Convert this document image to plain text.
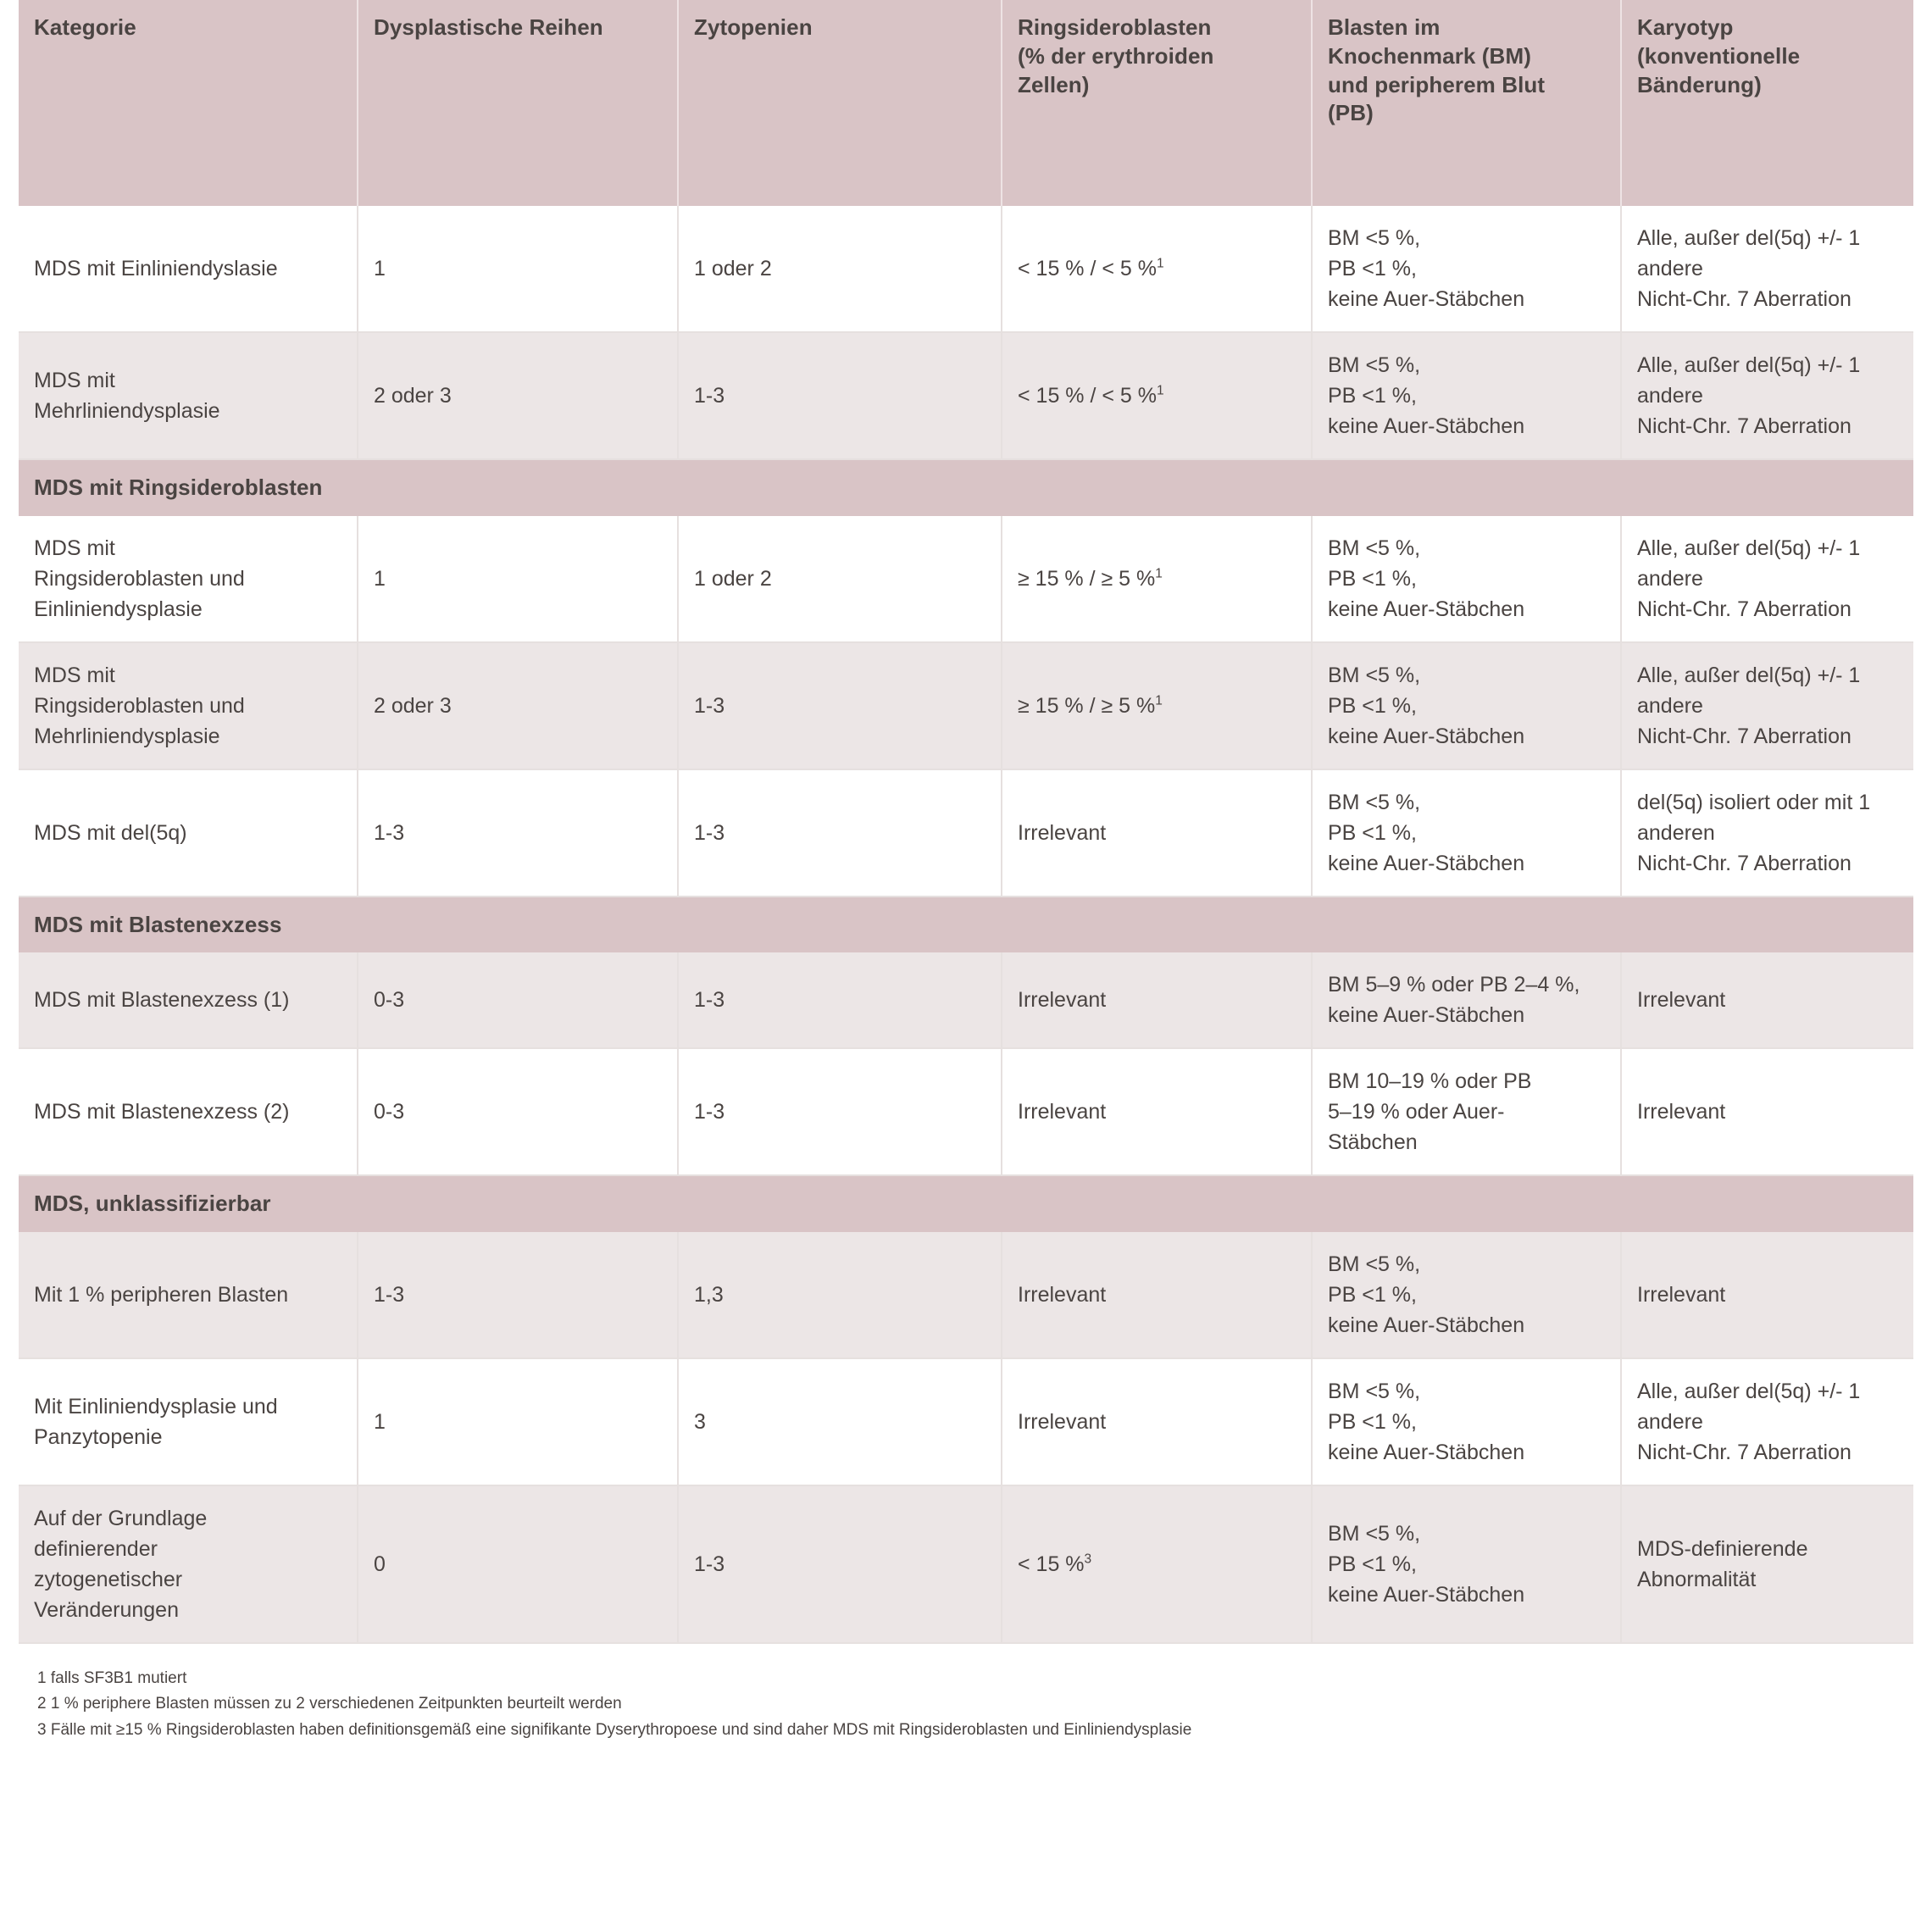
Kategorie	Dysplastische Reihen	Zytopenien	Ringsideroblasten
(% der erythroiden
Zellen)	Blasten im
Knochenmark (BM)
und peripherem Blut
(PB)	Karyotyp
(konventionelle
Bänderung)

MDS mit Einliniendyslasie	1	1 oder 2	< 15 % / < 5 %$^1$	BM <5 %,
PB <1 %,
keine Auer-Stäbchen	Alle, außer del(5q) +/- 1
andere
Nicht-Chr. 7 Aberration

MDS mit
Mehrliniendysplasie	2 oder 3	1-3	< 15 % / < 5 %$^1$	BM <5 %,
PB <1 %,
keine Auer-Stäbchen	Alle, außer del(5q) +/- 1
andere
Nicht-Chr. 7 Aberration

MDS mit Ringsideroblasten					

MDS mit
Ringsideroblasten und
Einliniendysplasie	1	1 oder 2	≥ 15 % / ≥ 5 %$^1$	BM <5 %,
PB <1 %,
keine Auer-Stäbchen	Alle, außer del(5q) +/- 1
andere
Nicht-Chr. 7 Aberration

MDS mit
Ringsideroblasten und
Mehrliniendysplasie	2 oder 3	1-3	≥ 15 % / ≥ 5 %$^1$	BM <5 %,
PB <1 %,
keine Auer-Stäbchen	Alle, außer del(5q) +/- 1
andere
Nicht-Chr. 7 Aberration

MDS mit del(5q)	1-3	1-3	Irrelevant	BM <5 %,
PB <1 %,
keine Auer-Stäbchen	del(5q) isoliert oder mit 1
anderen
Nicht-Chr. 7 Aberration

MDS mit Blastenexzess					

MDS mit Blastenexzess (1)	0-3	1-3	Irrelevant	BM 5–9 % oder PB 2–4 %,
keine Auer-Stäbchen	Irrelevant

MDS mit Blastenexzess (2)	0-3	1-3	Irrelevant	BM 10–19 % oder PB
5–19 % oder Auer-
Stäbchen	Irrelevant

MDS, unklassifizierbar					

Mit 1 % peripheren Blasten	1-3	1,3	Irrelevant	BM <5 %,
PB <1 %,
keine Auer-Stäbchen	Irrelevant

Mit Einliniendysplasie und
Panzytopenie	1	3	Irrelevant	BM <5 %,
PB <1 %,
keine Auer-Stäbchen	Alle, außer del(5q) +/- 1
andere
Nicht-Chr. 7 Aberration

Auf der Grundlage
definierender
zytogenetischer
Veränderungen	0	1-3	< 15 %$^3$	BM <5 %,
PB <1 %,
keine Auer-Stäbchen	MDS-definierende
Abnormalität
1 falls SF3B1 mutiert
2 1 % periphere Blasten müssen zu 2 verschiedenen Zeitpunkten beurteilt werden
3 Fälle mit ≥15 % Ringsideroblasten haben definitionsgemäß eine signifikante Dyserythropoese und sind daher MDS mit Ringsideroblasten und Einliniendysplasie
